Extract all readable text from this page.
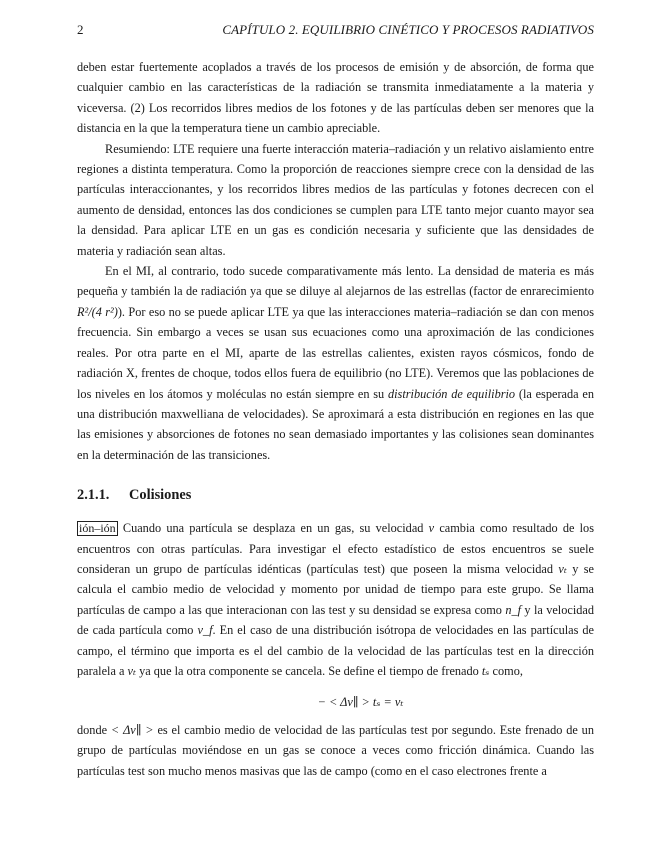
2	CAPÍTULO 2. EQUILIBRIO CINÉTICO Y PROCESOS RADIATIVOS

deben estar fuertemente acoplados a través de los procesos de emisión y de absorción, de forma que cualquier cambio en las características de la radiación se transmita inmediatamente a la materia y viceversa. (2) Los recorridos libres medios de los fotones y de las partículas deben ser menores que la distancia en la que la temperatura tiene un cambio apreciable.

Resumiendo: LTE requiere una fuerte interacción materia–radiación y un relativo aislamiento entre regiones a distinta temperatura. Como la proporción de reacciones siempre crece con la densidad de las partículas interaccionantes, y los recorridos libres medios de las partículas y fotones decrecen con el aumento de densidad, entonces las dos condiciones se cumplen para LTE tanto mejor cuanto mayor sea la densidad. Para aplicar LTE en un gas es condición necesaria y suficiente que las densidades de materia y radiación sean altas.

En el MI, al contrario, todo sucede comparativamente más lento. La densidad de materia es más pequeña y también la de radiación ya que se diluye al alejarnos de las estrellas (factor de enrarecimiento R²/(4 r²)). Por eso no se puede aplicar LTE ya que las interacciones materia–radiación se dan con menos frecuencia. Sin embargo a veces se usan sus ecuaciones como una aproximación de las condiciones reales. Por otra parte en el MI, aparte de las estrellas calientes, existen rayos cósmicos, fondo de radiación X, frentes de choque, todos ellos fuera de equilibrio (no LTE). Veremos que las poblaciones de los niveles en los átomos y moléculas no están siempre en su distribución de equilibrio (la esperada en una distribución maxwelliana de velocidades). Se aproximará a esta distribución en regiones en las que las emisiones y absorciones de fotones no sean demasiado importantes y las colisiones sean dominantes en la determinación de las transiciones.

2.1.1. Colisiones

ión–ión Cuando una partícula se desplaza en un gas, su velocidad v cambia como resultado de los encuentros con otras partículas. Para investigar el efecto estadístico de estos encuentros se suele consideran un grupo de partículas idénticas (partículas test) que poseen la misma velocidad vₜ y se calcula el cambio medio de velocidad y momento por unidad de tiempo para este grupo. Se llama partículas de campo a las que interacionan con las test y su densidad se expresa como n_f y la velocidad de cada partícula como v_f. En el caso de una distribución isótropa de velocidades en las partículas de campo, el término que importa es el del cambio de la velocidad de las partículas test en la dirección paralela a vₜ ya que la otra componente se cancela. Se define el tiempo de frenado tₛ como,

− < Δv∥ > tₛ = vₜ

donde < Δv∥ > es el cambio medio de velocidad de las partículas test por segundo. Este frenado de un grupo de partículas moviéndose en un gas se conoce a veces como fricción dinámica. Cuando las partículas test son mucho menos masivas que las de campo (como en el caso electrones frente a
